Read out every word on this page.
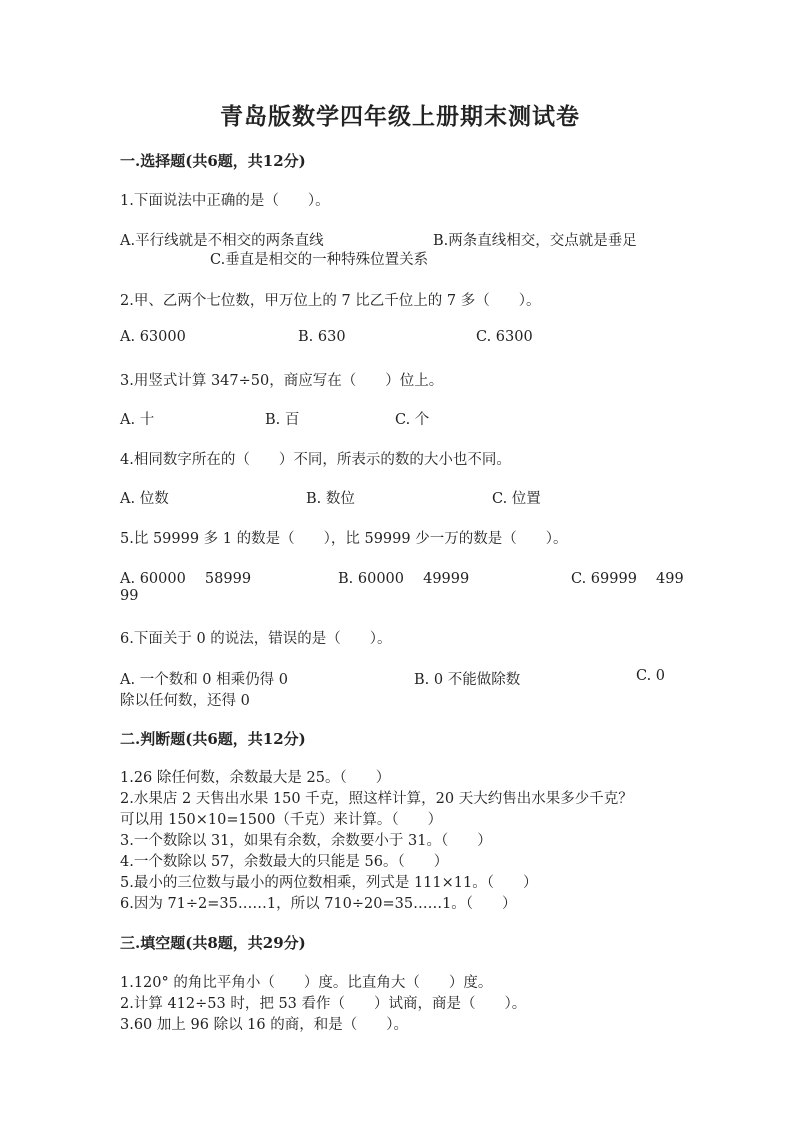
青岛版数学四年级上册期末测试卷
一.选择题(共6题，共12分)
1.下面说法中正确的是（　　）。
A.平行线就是不相交的两条直线	B.两条直线相交，交点就是垂足
C.垂直是相交的一种特殊位置关系
2.甲、乙两个七位数，甲万位上的 7 比乙千位上的 7 多（　　）。
A. 63000	B. 630	C. 6300
3.用竖式计算 347÷50，商应写在（　　）位上。
A. 十	B. 百	C. 个
4.相同数字所在的（　　）不同，所表示的数的大小也不同。
A. 位数	B. 数位	C. 位置
5.比 59999 多 1 的数是（　　），比 59999 少一万的数是（　　）。
A. 60000　 58999	B. 60000　 49999	C. 69999　 499
99
6.下面关于 0 的说法，错误的是（　　）。
A. 一个数和 0 相乘仍得 0	B. 0 不能做除数	C. 0
除以任何数，还得 0
二.判断题(共6题，共12分)
1.26 除任何数，余数最大是 25。（　　）
2.水果店 2 天售出水果 150 千克，照这样计算，20 天大约售出水果多少千克？
可以用 150×10=1500（千克）来计算。（　　）
3.一个数除以 31，如果有余数，余数要小于 31。（　　）
4.一个数除以 57，余数最大的只能是 56。（　　）
5.最小的三位数与最小的两位数相乘，列式是 111×11。（　　）
6.因为 71÷2=35……1，所以 710÷20=35……1。（　　）
三.填空题(共8题，共29分)
1.120° 的角比平角小（　　）度。比直角大（　　）度。
2.计算 412÷53 时，把 53 看作（　　）试商，商是（　　）。
3.60 加上 96 除以 16 的商，和是（　　）。
